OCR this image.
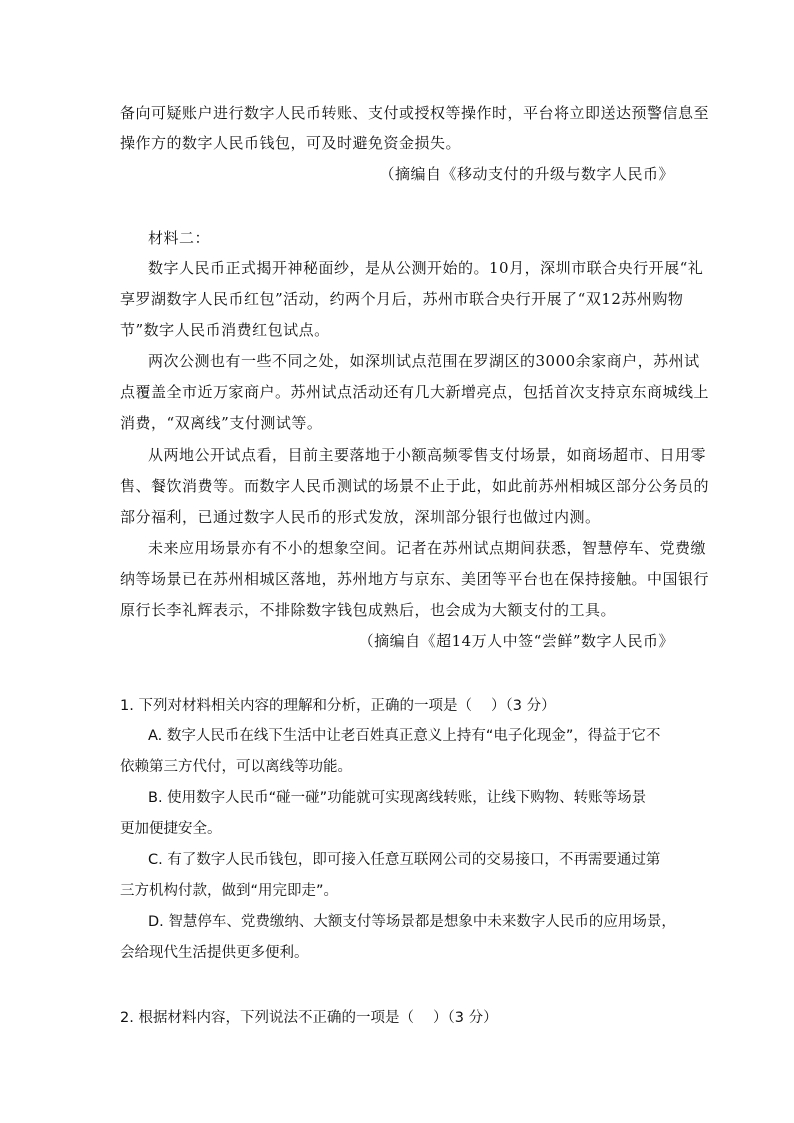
备向可疑账户进行数字人民币转账、支付或授权等操作时，平台将立即送达预警信息至
操作方的数字人民币钱包，可及时避免资金损失。
（摘编自《移动支付的升级与数字人民币》
材料二：
数字人民币正式揭开神秘面纱，是从公测开始的。10月，深圳市联合央行开展“礼
享罗湖数字人民币红包”活动，约两个月后，苏州市联合央行开展了“双12苏州购物
节”数字人民币消费红包试点。
两次公测也有一些不同之处，如深圳试点范围在罗湖区的3000余家商户，苏州试
点覆盖全市近万家商户。苏州试点活动还有几大新增亮点，包括首次支持京东商城线上
消费，“双离线”支付测试等。
从两地公开试点看，目前主要落地于小额高频零售支付场景，如商场超市、日用零
售、餐饮消费等。而数字人民币测试的场景不止于此，如此前苏州相城区部分公务员的
部分福利，已通过数字人民币的形式发放，深圳部分银行也做过内测。
未来应用场景亦有不小的想象空间。记者在苏州试点期间获悉，智慧停车、党费缴
纳等场景已在苏州相城区落地，苏州地方与京东、美团等平台也在保持接触。中国银行
原行长李礼辉表示，不排除数字钱包成熟后，也会成为大额支付的工具。
（摘编自《超14万人中签“尝鲜”数字人民币》
1. 下列对材料相关内容的理解和分析，正确的一项是（　 ）（3 分）
A. 数字人民币在线下生活中让老百姓真正意义上持有“电子化现金”，得益于它不
依赖第三方代付，可以离线等功能。
B. 使用数字人民币“碰一碰”功能就可实现离线转账，让线下购物、转账等场景
更加便捷安全。
C. 有了数字人民币钱包，即可接入任意互联网公司的交易接口，不再需要通过第
三方机构付款，做到“用完即走”。
D. 智慧停车、党费缴纳、大额支付等场景都是想象中未来数字人民币的应用场景，
会给现代生活提供更多便利。
2. 根据材料内容，下列说法不正确的一项是（　 ）（3 分）
